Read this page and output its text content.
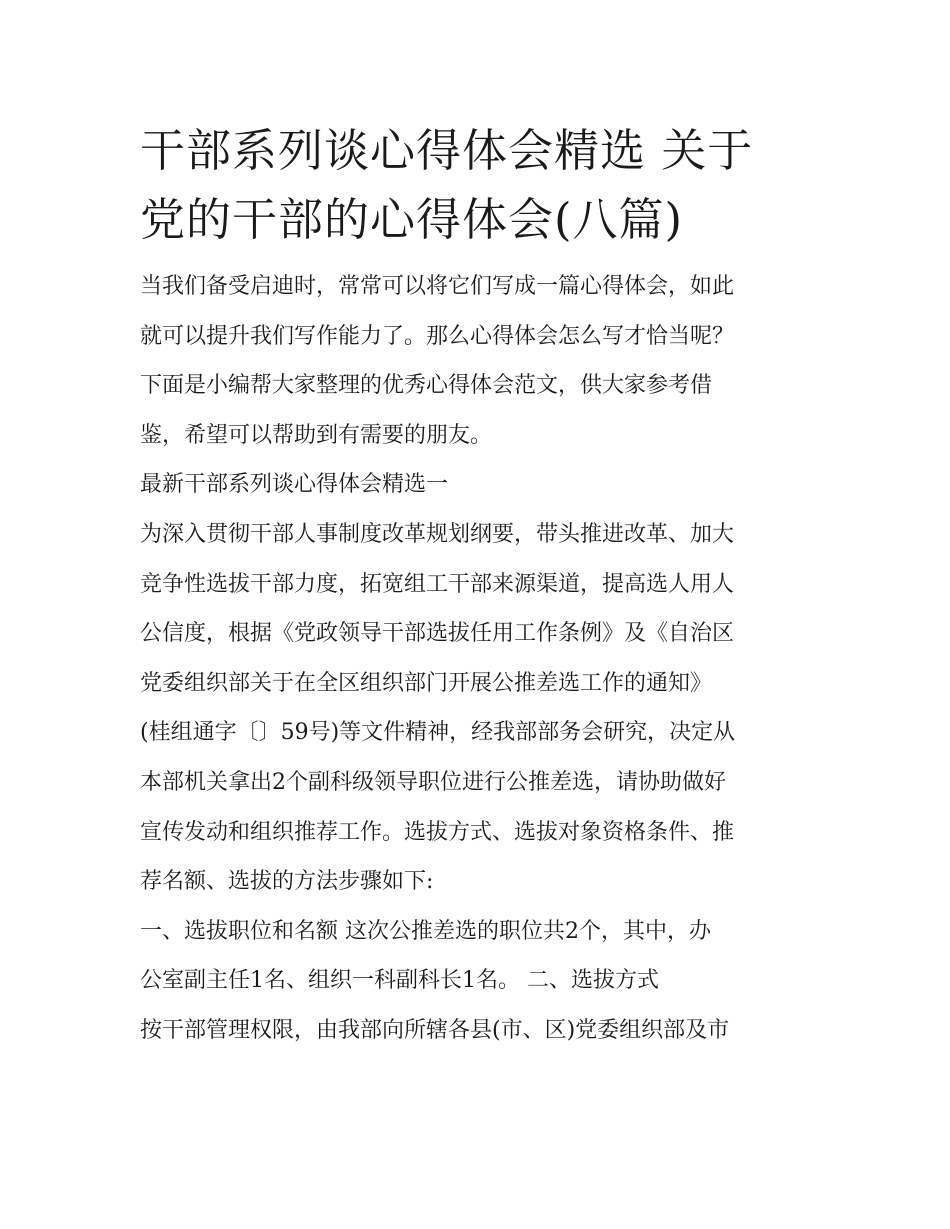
干部系列谈心得体会精选 关于
党的干部的心得体会(八篇)
当我们备受启迪时，常常可以将它们写成一篇心得体会，如此
就可以提升我们写作能力了。那么心得体会怎么写才恰当呢？
下面是小编帮大家整理的优秀心得体会范文，供大家参考借
鉴，希望可以帮助到有需要的朋友。
最新干部系列谈心得体会精选一
为深入贯彻干部人事制度改革规划纲要，带头推进改革、加大
竞争性选拔干部力度，拓宽组工干部来源渠道，提高选人用人
公信度，根据《党政领导干部选拔任用工作条例》及《自治区
党委组织部关于在全区组织部门开展公推差选工作的通知》
(桂组通字〔〕59号)等文件精神，经我部部务会研究，决定从
本部机关拿出2个副科级领导职位进行公推差选，请协助做好
宣传发动和组织推荐工作。选拔方式、选拔对象资格条件、推
荐名额、选拔的方法步骤如下:
一、选拔职位和名额 这次公推差选的职位共2个，其中，办
公室副主任1名、组织一科副科长1名。 二、选拔方式
按干部管理权限，由我部向所辖各县(市、区)党委组织部及市
